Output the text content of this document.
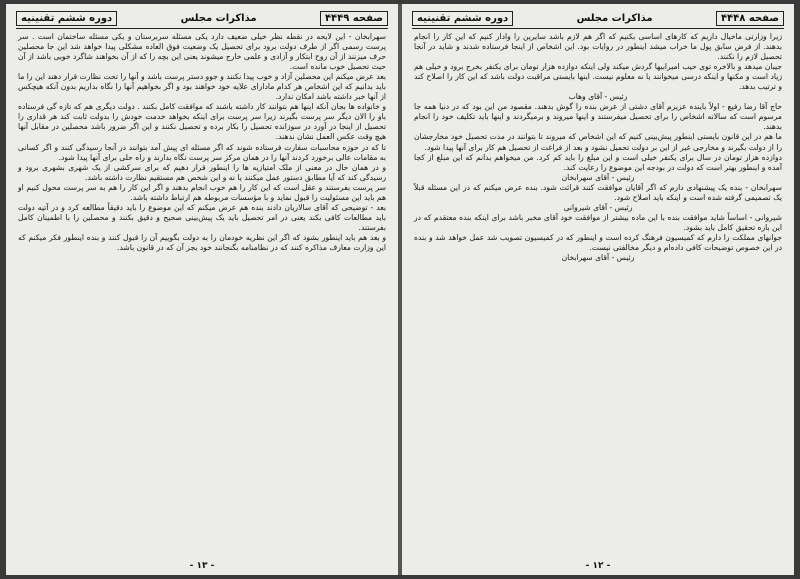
صفحه ۴۴۴۹
مذاکرات مجلس
دوره ششم تقنینیه

سهرابخان - این لایحه در نقطه نظر خیلی ضعیف دارد یکی مسئله سربرستان و یکی مسئله ساختمان است . سر پرست رسمی اگر از طرف دولت برود برای تحصیل یک وضعیت فوق العاده مشکلی پیدا خواهد شد این جا محصلین حرف میزنند از آن روح ابتکار و آزادی و علمی خارج میشوند یعنی این بچه را که از آن بخواهند شاگرد خوبی باشد از آن حیث تحصیل خوب مانده است.

بعد عرض میکنم این محصلین آزاد و خوب پیدا نکنند و جوو دستر پرست باشد و آنها را تحت نظارت قرار دهند این را ما باید بدانیم که این اشخاص هر کدام مادارای علایه خود خواهند بود و اگر بخواهیم آنها را نگاه بداریم بدون آنکه هیچکس از آنها خبر داشته باشد امکان ندارد.

و خانواده ها بجان آنکه اینها هم بتوانند کار داشته باشند که موافقت کامل بکنند . دولت دیگری هم که تازه گی فرستاده باو را الان دیگر سر پرست بگیرند زیرا سر پرست برای اینکه بخواهد خدمت خودش را بدولت ثابت کند هر قداری را تحصیل از اینجا در آورد در سوزانده تحصیل را بکار برده و تحصیل نکنند و این اگر ضرور باشد محصلین در مقابل آنها هیچ وقت عکس العمل نشان ندهند.

تا که در حوزه محاسبات سفارت فرستاده شوند که اگر مسئله ای پیش آمد بتوانند در آنجا رسیدگی کنند و اگر کسانی به مقامات عالی برخورد کردند آنها را در همان مرکز سر پرست نگاه بدارند و راه حلی برای آنها پیدا شود.

و در همان حال در معنی از ملک امتیازیه ها را اینطور قرار دهیم که برای سرکشی از یک شهری بشهری برود و رسیدگی کند که آیا مطابق دستور عمل میکنند یا نه و این شخص هم مستقیم نظارت داشته باشد.

سر پرست بفرستند و عقل است که این کار را هم خوب انجام بدهند و اگر این کار را هم به سر پرست محول کنیم او هم باید این مسئولیت را قبول نماید و با مؤسسات مربوطه هم ارتباط داشته باشد.

بعد - توضیحی که آقای سالاریان دادند بنده هم عرض میکنم که این موضوع را باید دقیقاً مطالعه کرد و در آتیه دولت باید مطالعات کافی بکند یعنی در امر تحصیل باید یک پیش‌بینی صحیح و دقیق بکنند و محصلین را با اطمینان کامل بفرستند.

و بعد هم باید اینطور بشود که اگر این نظریه خودمان را به دولت بگوییم آن را قبول کنند و بنده اینطور فکر میکنم که این وزارت معارف مذاکره کنند که در نظامنامه بگنجانند خود بجز آن که در قانون باشد.

- ۱۳ -
صفحه ۴۴۴۸
مذاکرات مجلس
دوره ششم تقنینیه

زیرا وزارتی ماخیال داریم که کارهای اساسی بکنیم که اگر هم لازم باشد سایرین را وادار کنیم که این کار را انجام بدهند. از فرض سابق پول ما خراب میشد اینطور در روایات بود. این اشخاص از اینجا فرستاده شدند و شاید در آنجا تحصیل لازم را نکنند.

جیبان میدهد و بالاخره توی حیب امیرابیها گردش میکند ولی اینکه دوازده هزار تومان برای یکنفر بخرج برود و خیلی هم زیاد است و مکنها و اینکه درسی میخوانند یا نه معلوم نیست. اینها بایستی مراقبت دولت باشد که این کار را اصلاح کند و ترتیب بدهد.

رئیس - آقای وهاب

حاج آقا رضا رفیع - اولاً باینده عزیزم آقای دشتی از عرض بنده را گوش بدهند. مقصود من این بود که در دنیا همه جا مرسوم است که سالانه اشخاص را برای تحصیل میفرستند و اینها میروند و برمیگردند و اینها باید تکلیف خود را انجام بدهند.

ما هم در این قانون بایستی اینطور پیش‌بینی کنیم که این اشخاص که میروند تا بتوانند در مدت تحصیل خود مخارجشان را از دولت بگیرند و مخارجی غیر از این بر دولت تحمیل نشود و بعد از فراغت از تحصیل هم کار برای آنها پیدا شود.

دوازده هزار تومان در سال برای یکنفر خیلی است و این مبلغ را باید کم کرد. من میخواهم بدانم که این مبلغ از کجا آمده و اینطور بهتر است که دولت در بودجه این موضوع را رعایت کند.

رئیس - آقای سهرابخان

سهرابخان - بنده یک پیشنهادی دارم که اگر آقایان موافقت کنند قرائت شود. بنده عرض میکنم که در این مسئله قبلاً یک تصمیمی گرفته شده است و اینکه باید اصلاح شود.

رئیس - آقای شیروانی

شیروانی - اساساً شاید موافقت بنده با این ماده بیشتر از موافقت خود آقای مخبر باشد برای اینکه بنده معتقدم که در این باره تحقیق کامل باید بشود.

جوانهای مملکت را دارم که کمیسیون فرهنگ کرده است و اینطور که در کمیسیون تصویب شد عمل خواهد شد و بنده در این خصوص توضیحات کافی داده‌ام و دیگر مخالفتی نیست.

رئیس - آقای سهرابخان

- ۱۲ -
